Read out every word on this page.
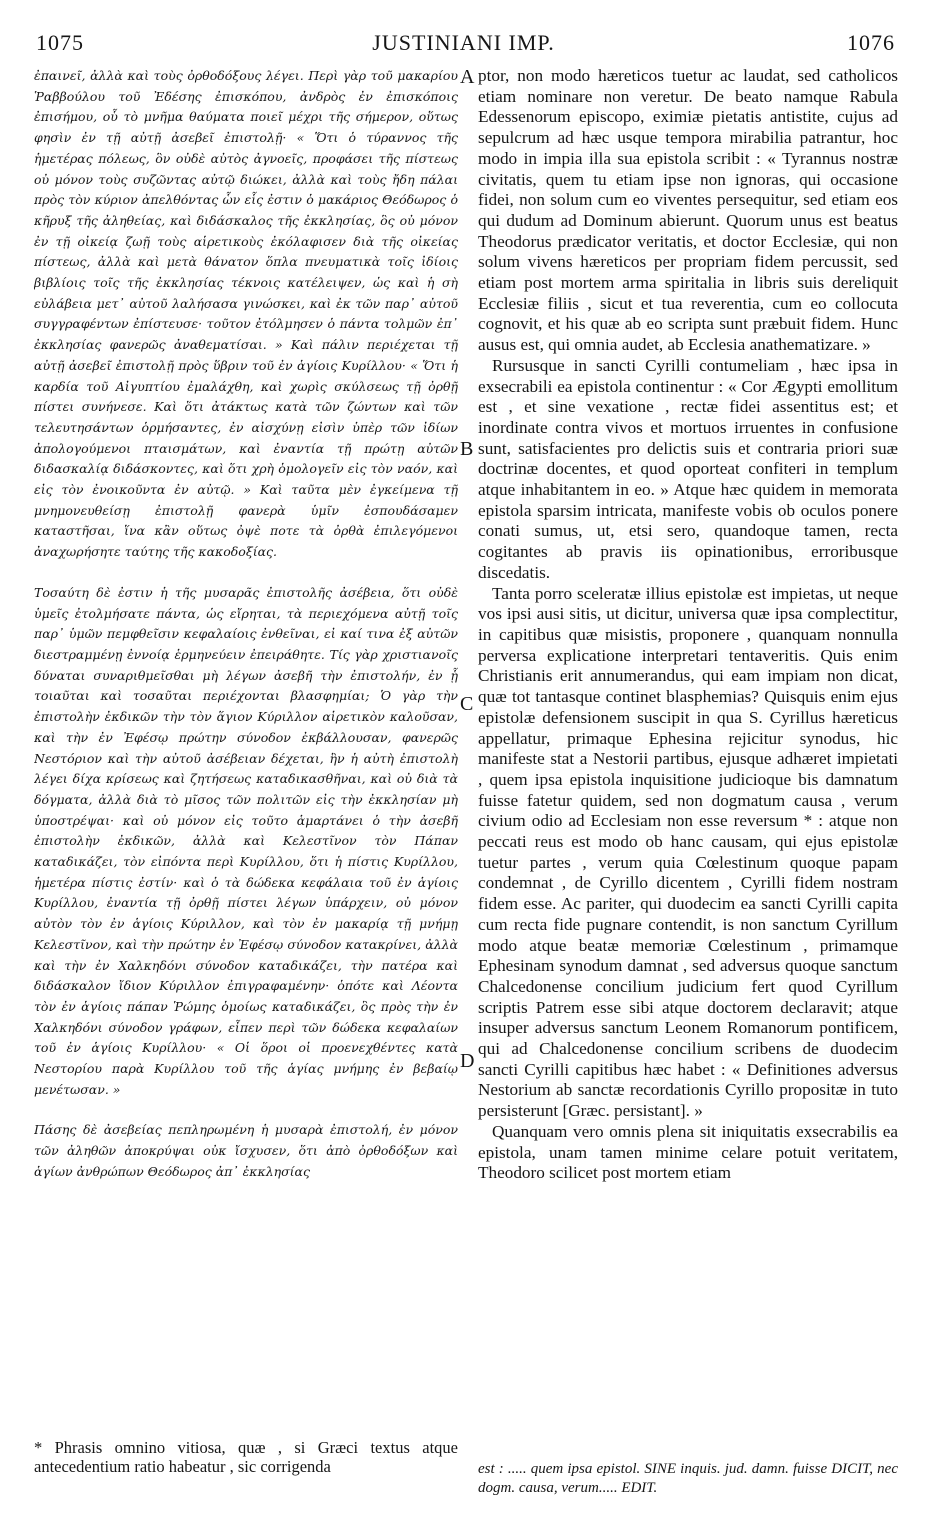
1075	JUSTINIANI IMP.	1076
A
B
C
D

ἐπαινεῖ, ἀλλὰ καὶ τοὺς ὀρθοδόξους λέγει. Περὶ γὰρ τοῦ μακαρίου Ῥαββούλου τοῦ Ἐδέσης ἐπισκόπου, ἀνδρὸς ἐν ἐπισκόποις ἐπισήμου, οὗ τὸ μνῆμα θαύματα ποιεῖ μέχρι τῆς σήμερον, οὕτως φησὶν ἐν τῇ αὐτῇ ἀσεβεῖ ἐπιστολῇ· « Ὅτι ὁ τύραννος τῆς ἡμετέρας πόλεως, ὃν οὐδὲ αὐτὸς ἀγνοεῖς, προφάσει τῆς πίστεως οὐ μόνον τοὺς συζῶντας αὐτῷ διώκει, ἀλλὰ καὶ τοὺς ἤδη πάλαι πρὸς τὸν κύριον ἀπελθόντας ὧν εἷς ἐστιν ὁ μακάριος Θεόδωρος ὁ κῆρυξ τῆς ἀληθείας, καὶ διδάσκαλος τῆς ἐκκλησίας, ὃς οὐ μόνον ἐν τῇ οἰκείᾳ ζωῇ τοὺς αἱρετικοὺς ἐκόλαφισεν διὰ τῆς οἰκείας πίστεως, ἀλλὰ καὶ μετὰ θάνατον ὅπλα πνευματικὰ τοῖς ἰδίοις βιβλίοις τοῖς τῆς ἐκκλησίας τέκνοις κατέλειψεν, ὡς καὶ ἡ σὴ εὐλάβεια μετ᾽ αὐτοῦ λαλήσασα γινώσκει, καὶ ἐκ τῶν παρ᾽ αὐτοῦ συγγραφέντων ἐπίστευσε· τοῦτον ἐτόλμησεν ὁ πάντα τολμῶν ἐπ᾽ ἐκκλησίας φανερῶς ἀναθεματίσαι. » Καὶ πάλιν περιέχεται τῇ αὐτῇ ἀσεβεῖ ἐπιστολῇ πρὸς ὕβριν τοῦ ἐν ἁγίοις Κυρίλλου· « Ὅτι ἡ καρδία τοῦ Αἰγυπτίου ἐμαλάχθη, καὶ χωρὶς σκύλσεως τῇ ὀρθῇ πίστει συνήνεσε. Καὶ ὅτι ἀτάκτως κατὰ τῶν ζώντων καὶ τῶν τελευτησάντων ὁρμήσαντες, ἐν αἰσχύνῃ εἰσὶν ὑπὲρ τῶν ἰδίων ἀπολογούμενοι πταισμάτων, καὶ ἐναντία τῇ πρώτῃ αὐτῶν διδασκαλίᾳ διδάσκοντες, καὶ ὅτι χρὴ ὁμολογεῖν εἰς τὸν ναόν, καὶ εἰς τὸν ἐνοικοῦντα ἐν αὐτῷ. » Καὶ ταῦτα μὲν ἐγκείμενα τῇ μνημονευθείσῃ ἐπιστολῇ φανερὰ ὑμῖν ἐσπουδάσαμεν καταστῆσαι, ἵνα κἂν οὕτως ὀψὲ ποτε τὰ ὀρθὰ ἐπιλεγόμενοι ἀναχωρήσητε ταύτης τῆς κακοδοξίας.

Τοσαύτη δὲ ἐστιν ἡ τῆς μυσαρᾶς ἐπιστολῆς ἀσέβεια, ὅτι οὐδὲ ὑμεῖς ἐτολμήσατε πάντα, ὡς εἴρηται, τὰ περιεχόμενα αὐτῇ τοῖς παρ᾽ ὑμῶν πεμφθεῖσιν κεφαλαίοις ἐνθεῖναι, εἰ καί τινα ἐξ αὐτῶν διεστραμμένῃ ἐννοίᾳ ἑρμηνεύειν ἐπειράθητε. Τίς γὰρ χριστιανοῖς δύναται συναριθμεῖσθαι μὴ λέγων ἀσεβῆ τὴν ἐπιστολήν, ἐν ᾗ τοιαῦται καὶ τοσαῦται περιέχονται βλασφημίαι; Ὁ γὰρ τὴν ἐπιστολὴν ἐκδικῶν τὴν τὸν ἅγιον Κύριλλον αἱρετικὸν καλοῦσαν, καὶ τὴν ἐν Ἐφέσῳ πρώτην σύνοδον ἐκβάλλουσαν, φανερῶς Νεστόριον καὶ τὴν αὐτοῦ ἀσέβειαν δέχεται, ἣν ἡ αὐτὴ ἐπιστολὴ λέγει δίχα κρίσεως καὶ ζητήσεως καταδικασθῆναι, καὶ οὐ διὰ τὰ δόγματα, ἀλλὰ διὰ τὸ μῖσος τῶν πολιτῶν εἰς τὴν ἐκκλησίαν μὴ ὑποστρέψαι· καὶ οὐ μόνον εἰς τοῦτο ἁμαρτάνει ὁ τὴν ἀσεβῆ ἐπιστολὴν ἐκδικῶν, ἀλλὰ καὶ Κελεστῖνον τὸν Πάπαν καταδικάζει, τὸν εἰπόντα περὶ Κυρίλλου, ὅτι ἡ πίστις Κυρίλλου, ἡμετέρα πίστις ἐστίν· καὶ ὁ τὰ δώδεκα κεφάλαια τοῦ ἐν ἁγίοις Κυρίλλου, ἐναντία τῇ ὀρθῇ πίστει λέγων ὑπάρχειν, οὐ μόνον αὐτὸν τὸν ἐν ἁγίοις Κύριλλον, καὶ τὸν ἐν μακαρίᾳ τῇ μνήμῃ Κελεστῖνον, καὶ τὴν πρώτην ἐν Ἐφέσῳ σύνοδον κατακρίνει, ἀλλὰ καὶ τὴν ἐν Χαλκηδόνι σύνοδον καταδικάζει, τὴν πατέρα καὶ διδάσκαλον ἴδιον Κύριλλον ἐπιγραφαμένην· ὁπότε καὶ Λέοντα τὸν ἐν ἁγίοις πάπαν Ῥώμης ὁμοίως καταδικάζει, ὃς πρὸς τὴν ἐν Χαλκηδόνι σύνοδον γράφων, εἶπεν περὶ τῶν δώδεκα κεφαλαίων τοῦ ἐν ἁγίοις Κυρίλλου· « Οἱ ὅροι οἱ προενεχθέντες κατὰ Νεστορίου παρὰ Κυρίλλου τοῦ τῆς ἁγίας μνήμης ἐν βεβαίῳ μενέτωσαν. »

Πάσης δὲ ἀσεβείας πεπληρωμένη ἡ μυσαρὰ ἐπιστολή, ἐν μόνον τῶν ἀληθῶν ἀποκρύψαι οὐκ ἴσχυσεν, ὅτι ἀπὸ ὀρθοδόξων καὶ ἁγίων ἀνθρώπων Θεόδωρος ἀπ᾽ ἐκκλησίας

ptor, non modo hæreticos tuetur ac laudat, sed catholicos etiam nominare non veretur. De beato namque Rabula Edessenorum episcopo, eximiæ pietatis antistite, cujus ad sepulcrum ad hæc usque tempora mirabilia patrantur, hoc modo in impia illa sua epistola scribit : « Tyrannus nostræ civitatis, quem tu etiam ipse non ignoras, qui occasione fidei, non solum cum eo viventes persequitur, sed etiam eos qui dudum ad Dominum abierunt. Quorum unus est beatus Theodorus prædicator veritatis, et doctor Ecclesiæ, qui non solum vivens hæreticos per propriam fidem percussit, sed etiam post mortem arma spiritalia in libris suis dereliquit Ecclesiæ filiis , sicut et tua reverentia, cum eo collocuta cognovit, et his quæ ab eo scripta sunt præbuit fidem. Hunc ausus est, qui omnia audet, ab Ecclesia anathematizare. »

Rursusque in sancti Cyrilli contumeliam , hæc ipsa in exsecrabili ea epistola continentur : « Cor Ægypti emollitum est , et sine vexatione , rectæ fidei assentitus est; et inordinate contra vivos et mortuos irruentes in confusione sunt, satisfacientes pro delictis suis et contraria priori suæ doctrinæ docentes, et quod oporteat confiteri in templum atque inhabitantem in eo. » Atque hæc quidem in memorata epistola sparsim intricata, manifeste vobis ob oculos ponere conati sumus, ut, etsi sero, quandoque tamen, recta cogitantes ab pravis iis opinationibus, erroribusque discedatis.

Tanta porro sceleratæ illius epistolæ est impietas, ut neque vos ipsi ausi sitis, ut dicitur, universa quæ ipsa complectitur, in capitibus quæ misistis, proponere , quanquam nonnulla perversa explicatione interpretari tentaveritis. Quis enim Christianis erit annumerandus, qui eam impiam non dicat, quæ tot tantasque continet blasphemias? Quisquis enim ejus epistolæ defensionem suscipit in qua S. Cyrillus hæreticus appellatur, primaque Ephesina rejicitur synodus, hic manifeste stat a Nestorii partibus, ejusque adhæret impietati , quem ipsa epistola inquisitione judicioque bis damnatum fuisse fatetur quidem, sed non dogmatum causa , verum civium odio ad Ecclesiam non esse reversum * : atque non peccati reus est modo ob hanc causam, qui ejus epistolæ tuetur partes , verum quia Cœlestinum quoque papam condemnat , de Cyrillo dicentem , Cyrilli fidem nostram fidem esse. Ac pariter, qui duodecim ea sancti Cyrilli capita cum recta fide pugnare contendit, is non sanctum Cyrillum modo atque beatæ memoriæ Cœlestinum , primamque Ephesinam synodum damnat , sed adversus quoque sanctum Chalcedonense concilium judicium fert quod Cyrillum scriptis Patrem esse sibi atque doctorem declaravit; atque insuper adversus sanctum Leonem Romanorum pontificem, qui ad Chalcedonense concilium scribens de duodecim sancti Cyrilli capitibus hæc habet : « Definitiones adversus Nestorium ab sanctæ recordationis Cyrillo propositæ in tuto persisterunt [Græc. persistant]. »

Quanquam vero omnis plena sit iniquitatis exsecrabilis ea epistola, unam tamen minime celare potuit veritatem, Theodoro scilicet post mortem etiam

* Phrasis omnino vitiosa, quæ , si Græci textus atque antecedentium ratio habeatur , sic corrigenda	est : ..... quem ipsa epistol. SINE inquis. jud. damn. fuisse DICIT, nec dogm. causa, verum..... EDIT.
